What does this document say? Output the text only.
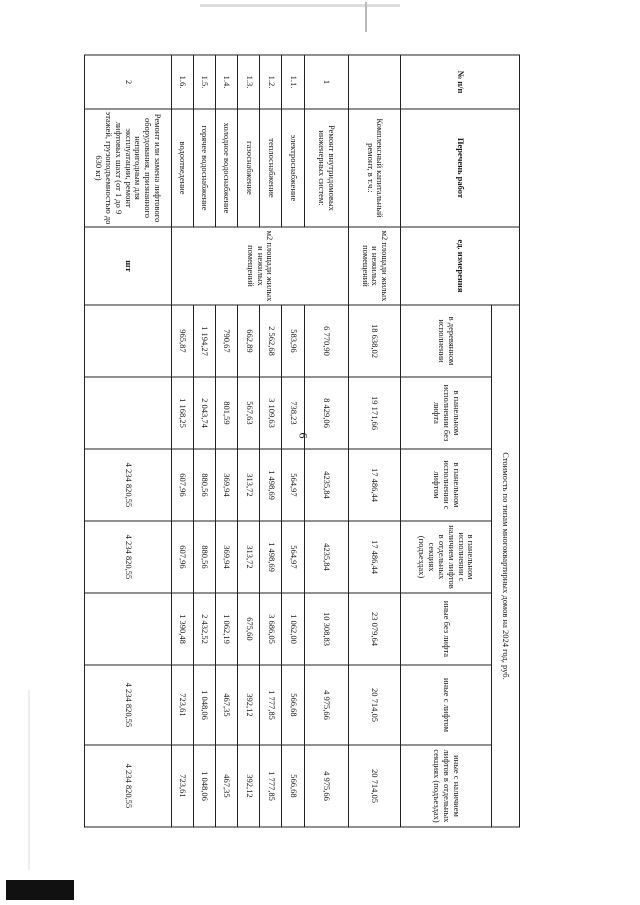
6
№ п/п	Перечень работ	ед. измерения	Стоимость по типам многоквартирных домов на 2024 год, руб.						
			в деревянном исполнении	в панельном исполнении без лифта	в панельном исполнении с лифтом	в панельном исполнении с наличием лифтов в отдельных секциях (подъездах)	иные без лифта	иные с лифтом	иные с наличием лифтов в отдельных секциях (подъездах)
	Комплексный капитальный ремонт, в т.ч.:	м2 площади жилых и нежилых помещений	18 638,02	19 171,66	17 486,44	17 486,44	23 079,64	20 714,05	20 714,05
1	Ремонт внутридомовых инженерных систем:	м2 площади жилых и нежилых помещений	6 770,90	8 429,06	4235,84	4235,84	10 308,83	4 975,66	4 975,66
1.1.	электроснабжение		583,96	738,23	564,97	564,97	1 062,00	566,68	566,68
1.2.	теплоснабжение		2 562,68	3 109,63	1 498,69	1 498,69	3 686,05	1 777,85	1 777,85
1.3.	газоснабжение		662,89	567,63	313,72	313,72	675,60	392,12	392,12
1.4.	холодное водоснабжение		790,67	801,59	369,94	369,94	1 062,19	467,35	467,35
1.5.	горячее водоснабжение		1 194,27	2 043,74	880,56	880,56	2 432,52	1 048,06	1 048,06
1.6.	водоотведение		965,87	1 168,25	607,96	607,96	1 390,48	723,61	723,61
2	Ремонт или замена лифтового оборудования, признанного непригодным для эксплуатации, ремонт лифтовых шахт (от 1 до 9 этажей, грузоподъемностью до 630 кг)	шт			4 234 820,55	4 234 820,55		4 234 820,55	4 234 820,55
